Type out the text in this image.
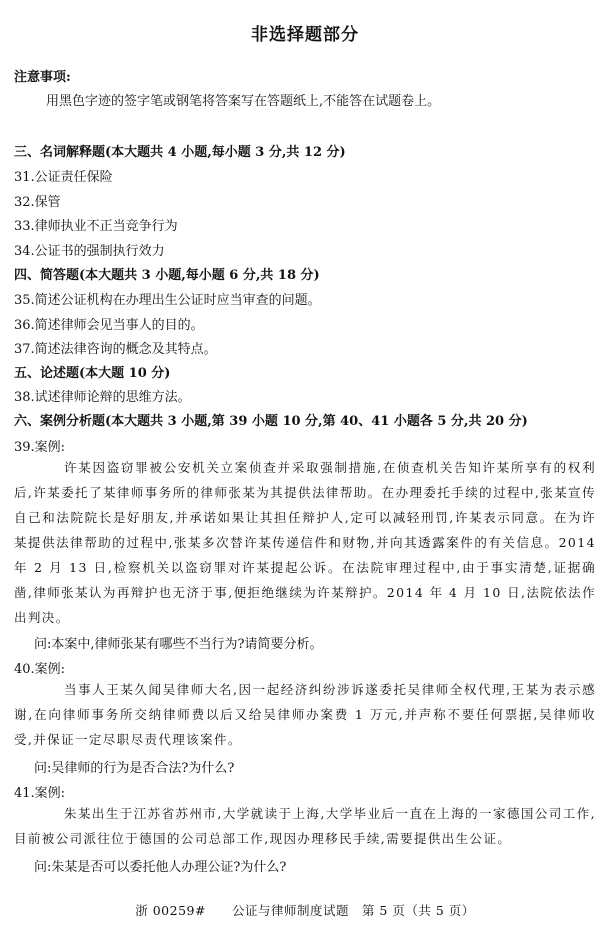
非选择题部分
注意事项:
用黑色字迹的签字笔或钢笔将答案写在答题纸上,不能答在试题卷上。
三、名词解释题(本大题共 4 小题,每小题 3 分,共 12 分)
31.公证责任保险
32.保管
33.律师执业不正当竞争行为
34.公证书的强制执行效力
四、简答题(本大题共 3 小题,每小题 6 分,共 18 分)
35.简述公证机构在办理出生公证时应当审查的问题。
36.简述律师会见当事人的目的。
37.简述法律咨询的概念及其特点。
五、论述题(本大题 10 分)
38.试述律师论辩的思维方法。
六、案例分析题(本大题共 3 小题,第 39 小题 10 分,第 40、41 小题各 5 分,共 20 分)
39.案例:
许某因盗窃罪被公安机关立案侦查并采取强制措施,在侦查机关告知许某所享有的权利后,许某委托了某律师事务所的律师张某为其提供法律帮助。在办理委托手续的过程中,张某宣传自己和法院院长是好朋友,并承诺如果让其担任辩护人,定可以减轻刑罚,许某表示同意。在为许某提供法律帮助的过程中,张某多次替许某传递信件和财物,并向其透露案件的有关信息。2014 年 2 月 13 日,检察机关以盗窃罪对许某提起公诉。在法院审理过程中,由于事实清楚,证据确凿,律师张某认为再辩护也无济于事,便拒绝继续为许某辩护。2014 年 4 月 10 日,法院依法作出判决。
问:本案中,律师张某有哪些不当行为?请简要分析。
40.案例:
当事人王某久闻吴律师大名,因一起经济纠纷涉诉遂委托吴律师全权代理,王某为表示感谢,在向律师事务所交纳律师费以后又给吴律师办案费 1 万元,并声称不要任何票据,吴律师收受,并保证一定尽职尽责代理该案件。
问:吴律师的行为是否合法?为什么?
41.案例:
朱某出生于江苏省苏州市,大学就读于上海,大学毕业后一直在上海的一家德国公司工作,目前被公司派往位于德国的公司总部工作,现因办理移民手续,需要提供出生公证。
问:朱某是否可以委托他人办理公证?为什么?
浙 00259#　　公证与律师制度试题　第 5 页（共 5 页）
